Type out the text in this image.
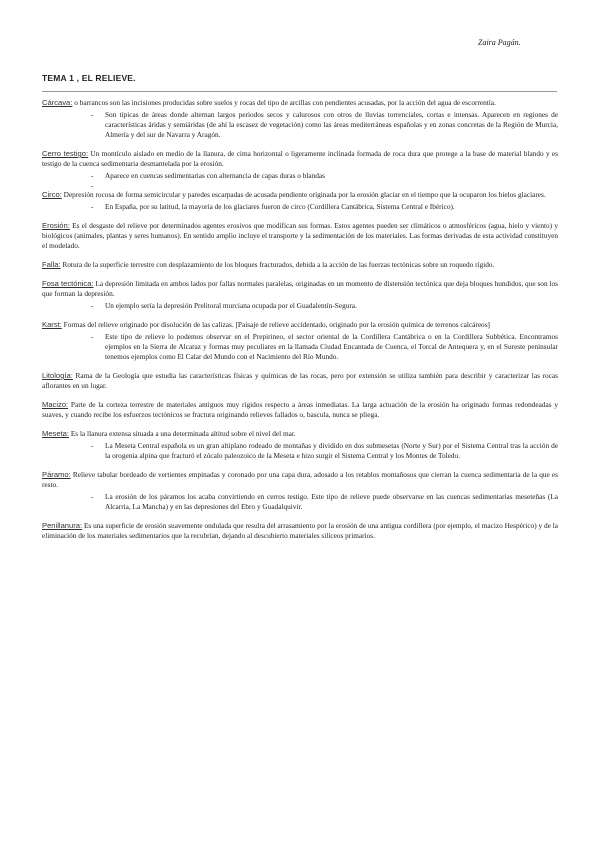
Zaira Pagán.
TEMA 1 , EL RELIEVE.

Cárcava: o barrancos son las incisiones producidas sobre suelos y rocas del tipo de arcillas con pendientes acusadas, por la acción del agua de escorrentía.

- Son típicas de áreas donde alternan largos periodos secos y calurosos con otros de lluvias torrenciales, cortas e intensas. Aparecen en regiones de características áridas y semiáridas (de ahí la escasez de vegetación) como las áreas mediterráneas españolas y en zonas concretas de la Región de Murcia, Almería y del sur de Navarra y Aragón.

Cerro testigo: Un montículo aislado en medio de la llanura, de cima horizontal o ligeramente inclinada formada de roca dura que protege a la base de material blando y es testigo de la cuenca sedimentaria desmantelada por la erosión.

- Aparece en cuencas sedimentarias con alternancia de capas duras o blandas
-

Circo: Depresión rocosa de forma semicircular y paredes escarpadas de acusada pendiente originada por la erosión glaciar en el tiempo que la ocuparon los hielos glaciares.

- En España, por su latitud, la mayoría de los glaciares fueron de circo (Cordillera Cantábrica, Sistema Central e Ibérico).

Erosión: Es el desgaste del relieve por determinados agentes erosivos que modifican sus formas. Estos agentes pueden ser climáticos o atmosféricos (agua, hielo y viento) y biológicos (animales, plantas y seres humanos). En sentido amplio incluye el transporte y la sedimentación de los materiales. Las formas derivadas de esta actividad constituyen el modelado.

Falla: Rotura de la superficie terrestre con desplazamiento de los bloques fracturados, debida a la acción de las fuerzas tectónicas sobre un roquedo rígido.

Fosa tectónica: La depresión limitada en ambos lados por fallas normales paralelas, originadas en un momento de distensión tectónica que deja bloques hundidos, que son los que forman la depresión.

- Un ejemplo sería la depresión Prelitoral murciana ocupada por el Guadalentín-Segura.

Karst: Formas del relieve originado por disolución de las calizas. [Paisaje de relieve accidentado, originado por la erosión química de terrenos calcáreos]

- Este tipo de relieve lo podemos observar en el Prepirineo, el sector oriental de la Cordillera Cantábrica o en la Cordillera Subbética. Encontramos ejemplos en la Sierra de Alcaraz y formas muy peculiares en la llamada Ciudad Encantada de Cuenca, el Torcal de Antequera y, en el Sureste peninsular tenemos ejemplos como El Calar del Mundo con el Nacimiento del Río Mundo.

Litología: Rama de la Geología que estudia las características físicas y químicas de las rocas, pero por extensión se utiliza también para describir y caracterizar las rocas aflorantes en un lugar.

Macizo: Parte de la corteza terrestre de materiales antiguos muy rígidos respecto a áreas inmediatas. La larga actuación de la erosión ha originado formas redondeadas y suaves, y cuando recibe los esfuerzos tectónicos se fractura originando relieves fallados o, bascula, nunca se pliega.

Meseta: Es la llanura extensa situada a una determinada altitud sobre el nivel del mar.

- La Meseta Central española es un gran altiplano rodeado de montañas y dividido en dos submesetas (Norte y Sur) por el Sistema Central tras la acción de la orogenia alpina que fracturó el zócalo paleozoico de la Meseta e hizo surgir el Sistema Central y los Montes de Toledo.

Páramo: Relieve tabular bordeado de vertientes empinadas y coronado por una capa dura, adosado a los retablos montañosos que cierran la cuenca sedimentaria de la que es resto.

- La erosión de los páramos los acaba convirtiendo en cerros testigo. Este tipo de relieve puede observarse en las cuencas sedimentarias meseteñas (La Alcarria, La Mancha) y en las depresiones del Ebro y Guadalquivir.

Penillanura: Es una superficie de erosión suavemente ondulada que resulta del arrasamiento por la erosión de una antigua cordillera (por ejemplo, el macizo Hespérico) y de la eliminación de los materiales sedimentarios que la recubrían, dejando al descubierto materiales silíceos primarios.
